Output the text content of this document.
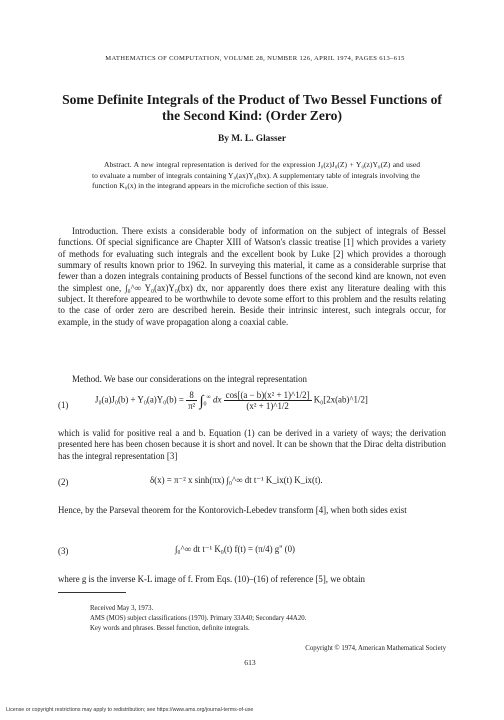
MATHEMATICS OF COMPUTATION, VOLUME 28, NUMBER 126, APRIL 1974, PAGES 613–615
Some Definite Integrals of the Product of Two Bessel Functions of the Second Kind: (Order Zero)
By M. L. Glasser
Abstract. A new integral representation is derived for the expression J₀(z)J₀(Z) + Y₀(z)Y₀(Z) and used to evaluate a number of integrals containing Y₀(ax)Y₀(bx). A supplementary table of integrals involving the function K₀(x) in the integrand appears in the microfiche section of this issue.
Introduction. There exists a considerable body of information on the subject of integrals of Bessel functions. Of special significance are Chapter XIII of Watson's classic treatise [1] which provides a variety of methods for evaluating such integrals and the excellent book by Luke [2] which provides a thorough summary of results known prior to 1962. In surveying this material, it came as a considerable surprise that fewer than a dozen integrals containing products of Bessel functions of the second kind are known, not even the simplest one, ∫₀^∞ Y₀(ax)Y₀(bx) dx, nor apparently does there exist any literature dealing with this subject. It therefore appeared to be worthwhile to devote some effort to this problem and the results relating to the case of order zero are described herein. Beside their intrinsic interest, such integrals occur, for example, in the study of wave propagation along a coaxial cable.
Method. We base our considerations on the integral representation
(1)
$J_0(a)J_0(b) + Y_0(a)Y_0(b) = \frac{8}{\text{π²}} \int_0^\infty$ dx $\frac{\text{cos[(a − b)(x² + 1)\textasciicircum{}1/2]}}{\text{(x² + 1)\textasciicircum{}1/2}}$ K₀[2x(ab)^1/2]
which is valid for positive real a and b. Equation (1) can be derived in a variety of ways; the derivation presented here has been chosen because it is short and novel. It can be shown that the Dirac delta distribution has the integral representation [3]
(2)	δ(x) = π⁻² x sinh(πx) ∫₀^∞ dt t⁻¹ K_ix(t) K_ix(t).
Hence, by the Parseval theorem for the Kontorovich-Lebedev transform [4], when both sides exist
(3)	∫₀^∞ dt t⁻¹ K₀(t) f(t) = (π/4) g'' (0)
where g is the inverse K-L image of f. From Eqs. (10)–(16) of reference [5], we obtain
Received May 3, 1973.
AMS (MOS) subject classifications (1970). Primary 33A40; Secondary 44A20.
Key words and phrases. Bessel function, definite integrals.
Copyright © 1974, American Mathematical Society
613
License or copyright restrictions may apply to redistribution; see https://www.ams.org/journal-terms-of-use
